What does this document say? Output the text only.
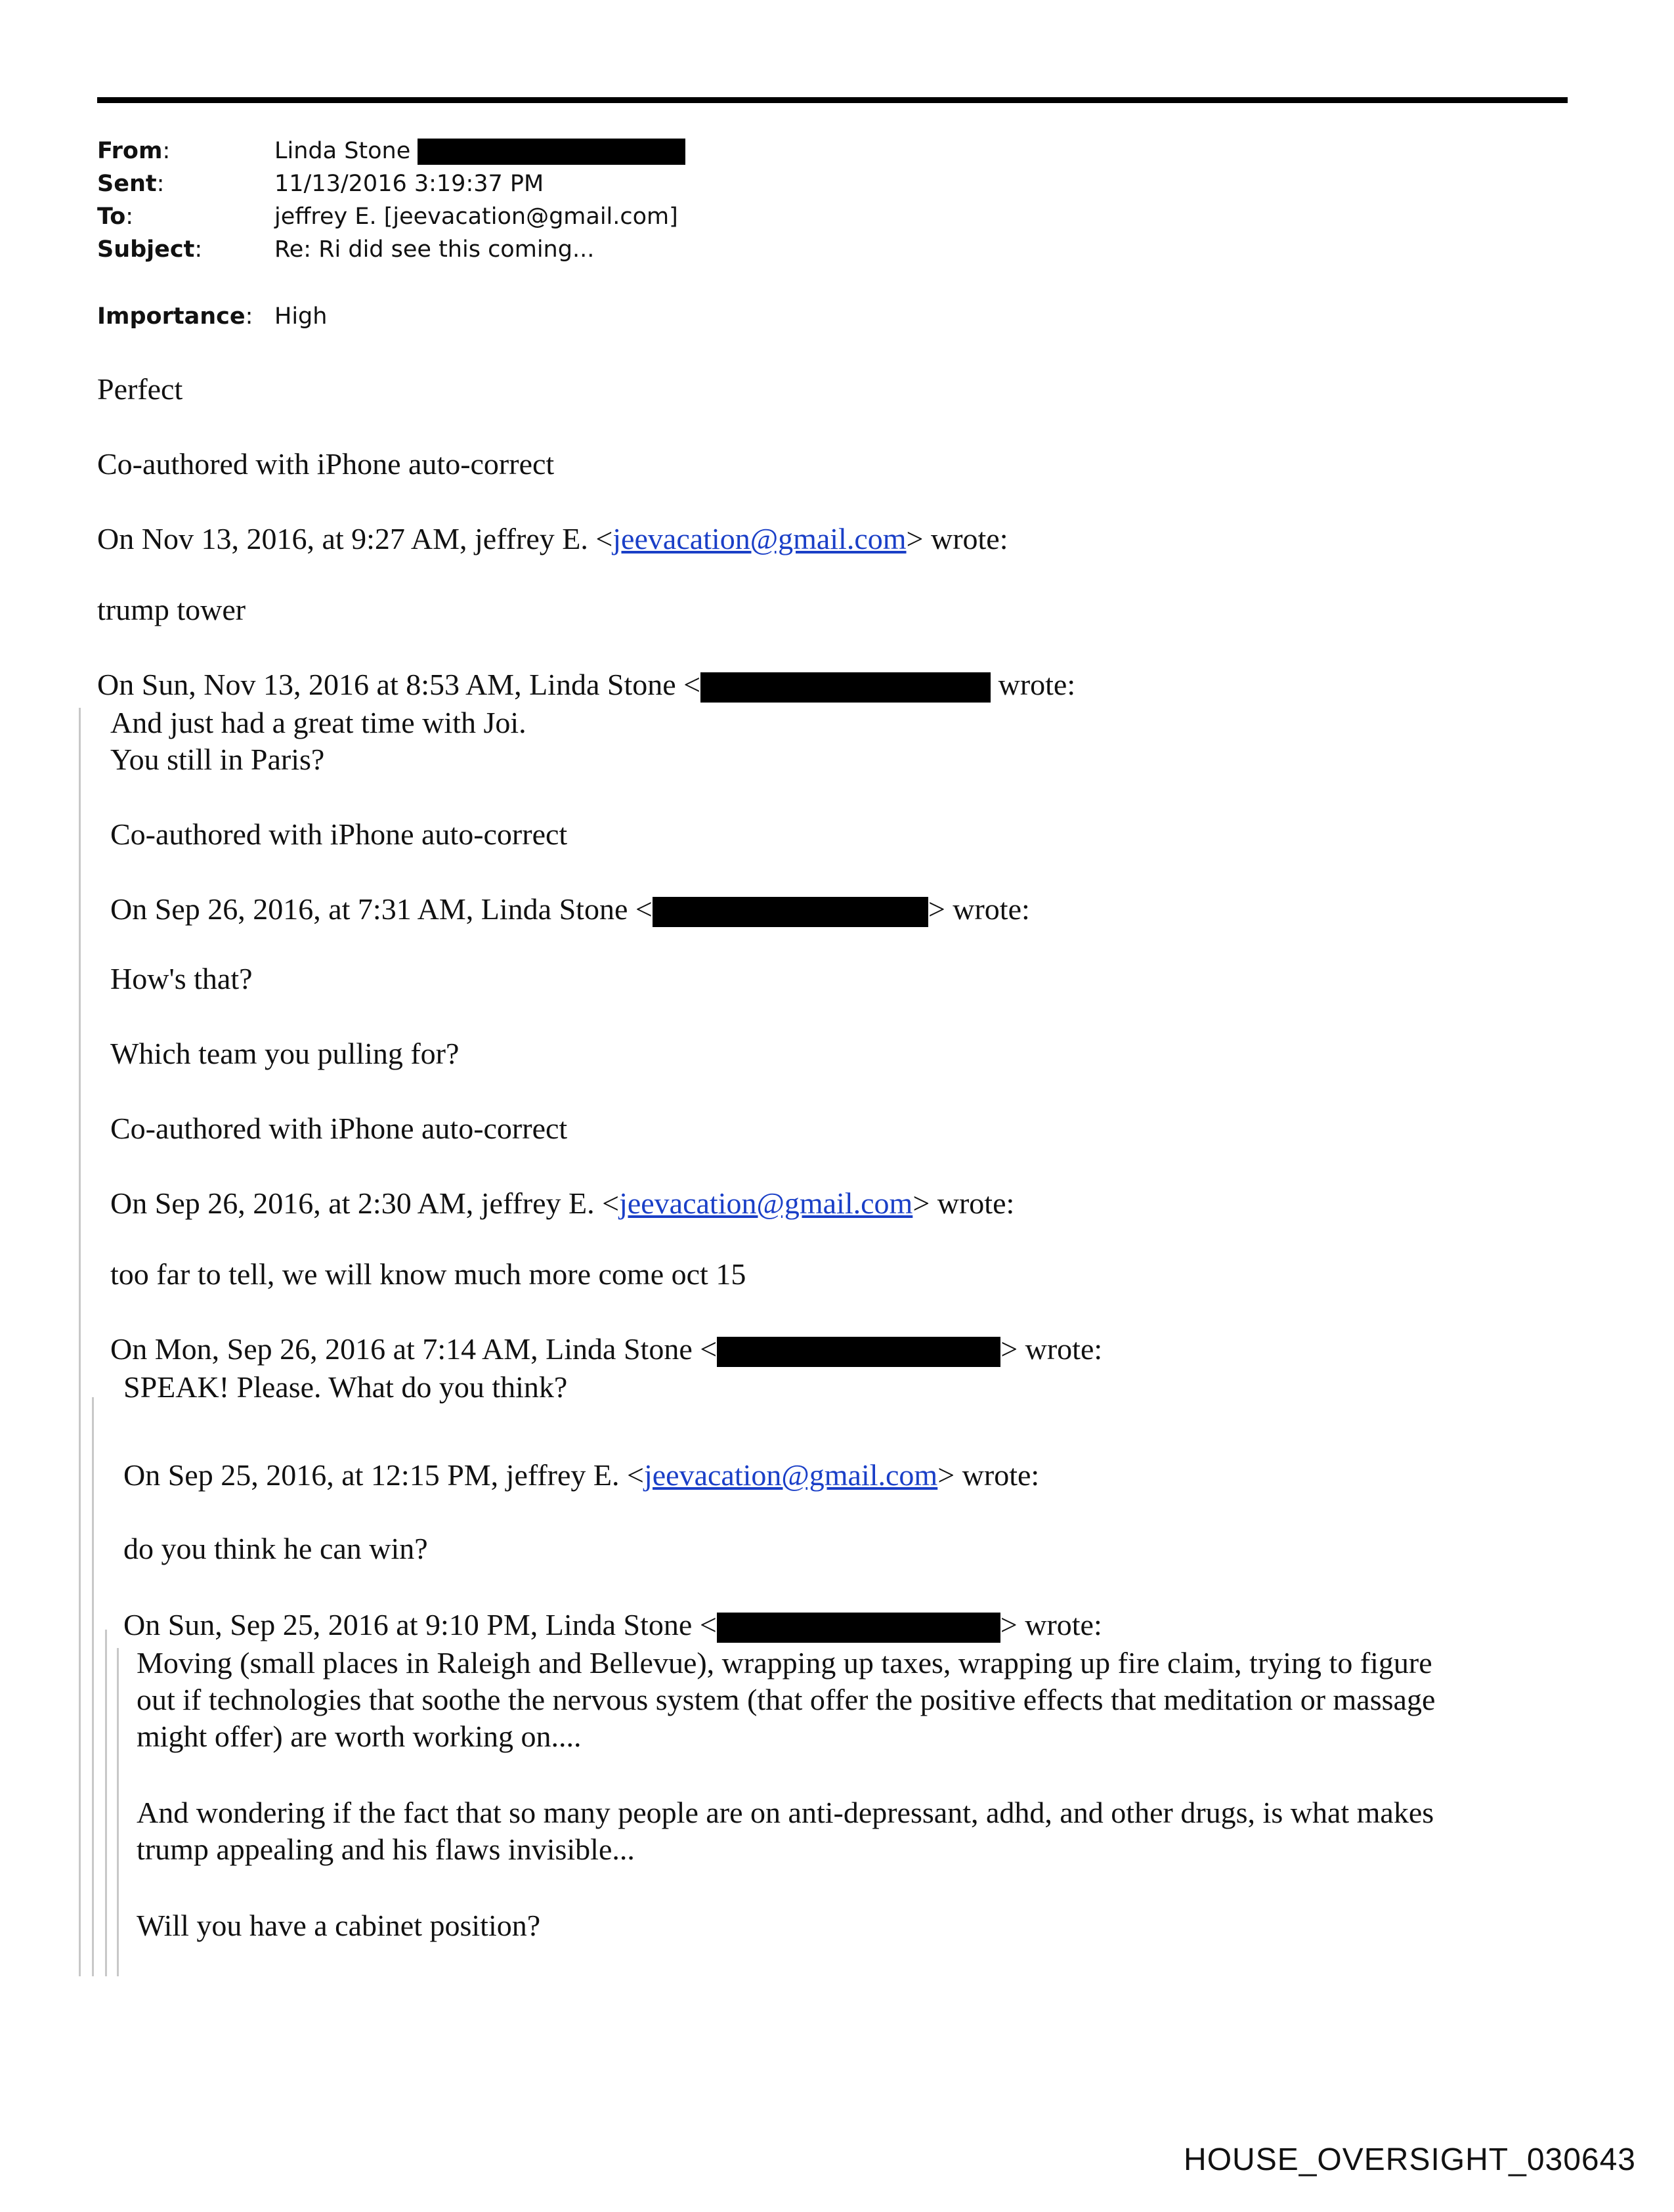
From:	Linda Stone
Sent:	11/13/2016 3:19:37 PM
To:	jeffrey E. [jeevacation@gmail.com]
Subject:	Re: Ri did see this coming...
Importance: High
Perfect
Co-authored with iPhone auto-correct
On Nov 13, 2016, at 9:27 AM, jeffrey E. <jeevacation@gmail.com> wrote:
trump tower
On Sun, Nov 13, 2016 at 8:53 AM, Linda Stone <	wrote:
And just had a great time with Joi.
You still in Paris?
Co-authored with iPhone auto-correct
On Sep 26, 2016, at 7:31 AM, Linda Stone <	> wrote:
How's that?
Which team you pulling for?
Co-authored with iPhone auto-correct
On Sep 26, 2016, at 2:30 AM, jeffrey E. <jeevacation@gmail.com> wrote:
too far to tell, we will know much more come oct 15
On Mon, Sep 26, 2016 at 7:14 AM, Linda Stone <	> wrote:
SPEAK! Please. What do you think?
On Sep 25, 2016, at 12:15 PM, jeffrey E. <jeevacation@gmail.com> wrote:
do you think he can win?
On Sun, Sep 25, 2016 at 9:10 PM, Linda Stone <	> wrote:
Moving (small places in Raleigh and Bellevue), wrapping up taxes, wrapping up fire claim, trying to figure
out if technologies that soothe the nervous system (that offer the positive effects that meditation or massage
might offer) are worth working on....
And wondering if the fact that so many people are on anti-depressant, adhd, and other drugs, is what makes
trump appealing and his flaws invisible...
Will you have a cabinet position?
HOUSE_OVERSIGHT_030643
